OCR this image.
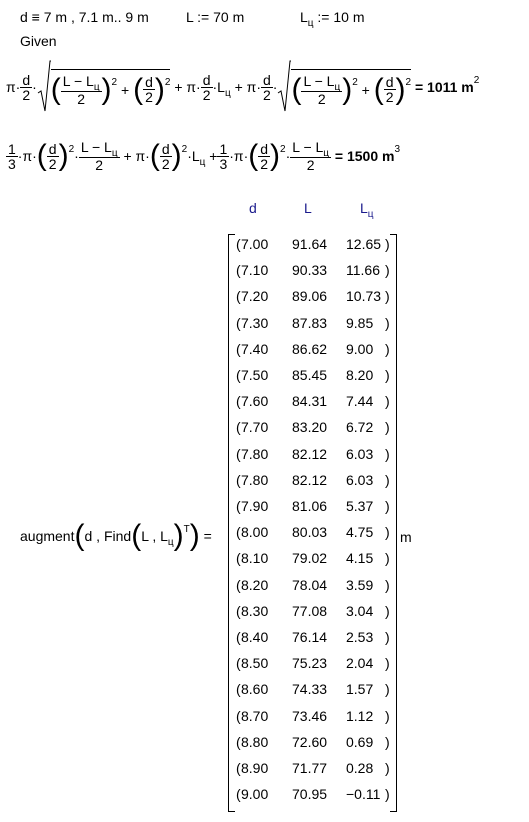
d ≡ 7 m , 7.1 m.. 9 m	L := 70 m	$L_ц$ := 10 m
Given
$\pi\cdot \frac{d}{2}$ · ( $\frac{L - L_ц}{2}$ ) 2 + ( $\frac{d}{2}$ ) $2 + \pi\cdot \frac{d}{2} \cdot L_ц + \pi\cdot \frac{d}{2}$ · ( $\frac{L - L_ц}{2}$ ) 2 + ( $\frac{d}{2}$ ) 2
= 1011 m 2
$\frac{1}{3} \cdot\pi\cdot$ ( $\frac{d}{2}$ ) $2 \cdot \frac{L - L_ц}{2} + \pi\cdot$ ( $\frac{d}{2}$ ) $2 \cdot L_ц + \frac{1}{3} \cdot\pi\cdot$ ( $\frac{d}{2}$ ) $2 \cdot \frac{L - L_ц}{2}$
= 1500 m 3
d	L	$L_ц$
augment ( d , Find ( L , $L_ц$ ) T ) =
( 7.00 91.64 12.65 )
( 7.10 90.33 11.66 )
( 7.20 89.06 10.73 )
( 7.30 87.83 9.85 )
( 7.40 86.62 9.00 )
( 7.50 85.45 8.20 )
( 7.60 84.31 7.44 )
( 7.70 83.20 6.72 )
( 7.80 82.12 6.03 )
( 7.80 82.12 6.03 )
( 7.90 81.06 5.37 )
( 8.00 80.03 4.75 )
( 8.10 79.02 4.15 )
( 8.20 78.04 3.59 )
( 8.30 77.08 3.04 )
( 8.40 76.14 2.53 )
( 8.50 75.23 2.04 )
( 8.60 74.33 1.57 )
( 8.70 73.46 1.12 )
( 8.80 72.60 0.69 )
( 8.90 71.77 0.28 )
( 9.00 70.95 −0.11 )
m
